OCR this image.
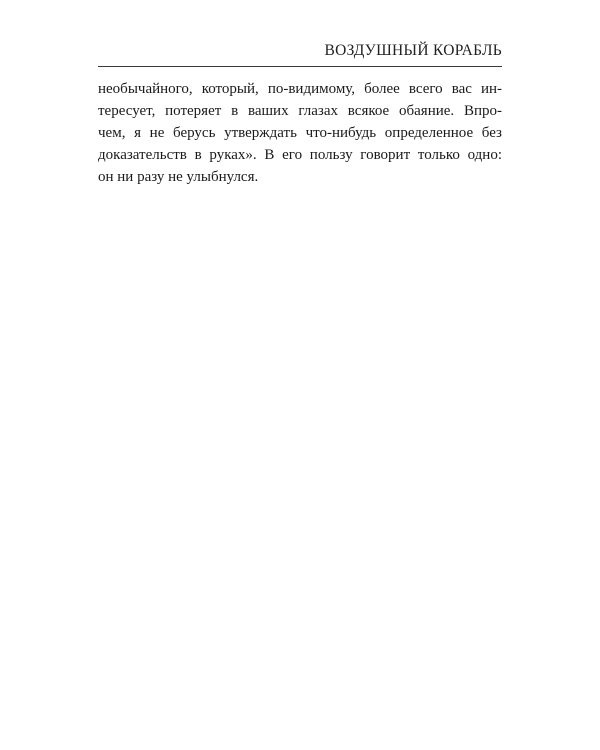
ВОЗДУШНЫЙ КОРАБЛЬ
необычайного, который, по-видимому, более всего вас ин-
тересует, потеряет в ваших глазах всякое обаяние. Впро-
чем, я не берусь утверждать что-нибудь определенное без
доказательств в руках». В его пользу говорит только одно:
он ни разу не улыбнулся.
